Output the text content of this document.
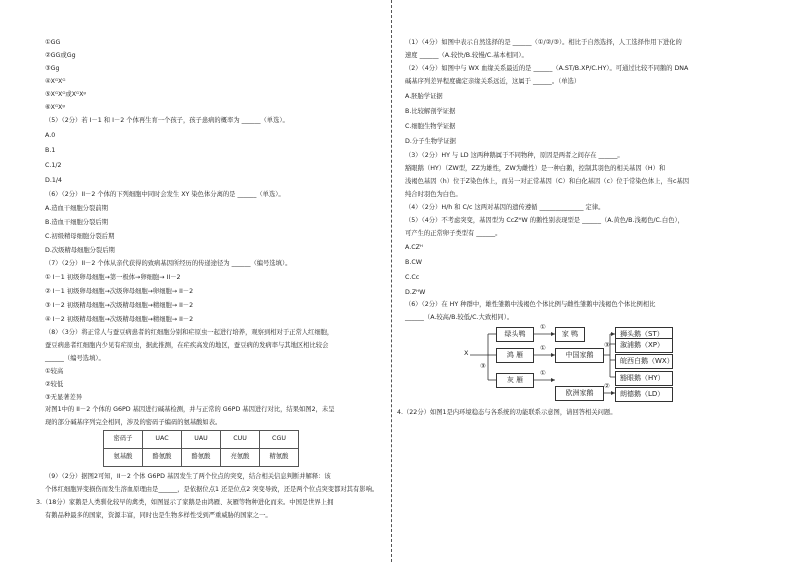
①GG
②GG或Gg
③Gg
④XᴳXᴳ
⑤XᴳXᴳ或XᴳXᵍ
⑥XᴳXᵍ
（5）（2分）若 I－1 和 I－2 个体再生育一个孩子，孩子患病的概率为 ______（单选）。
A.0
B.1
C.1/2
D.1/4
（6）（2分）II－2 个体的下列细胞中同时会发生 XY 染色体分离的是 ______（单选）。
A.造血干细胞分裂前期
B.造血干细胞分裂后期
C.初级精母细胞分裂后期
D.次级精母细胞分裂后期
（7）（2分）II－2 个体从亲代获得的致病基因所经历的传递途径为 ______（编号选填）。
① I－1 初级卵母细胞→第一极体→卵细胞→ II－2
② I－1 初级卵母细胞→次级卵母细胞→卵细胞→ II－2
③ I－2 初级精母细胞→次级精母细胞→精细胞→ II－2
④ I－2 初级精母细胞→次级精母细胞→精细胞→ II－2
（8）（3分）将正常人与蚕豆病患者的红细胞分别和疟原虫一起进行培养，观察到相对于正常人红细胞，
蚕豆病患者红细胞内少见有疟原虫，据此推测，在疟疾高发的地区，蚕豆病的发病率与其地区相比较会
______（编号选填）。
①较高
②较低
③无显著差异
对图1中的 II－2 个体的 G6PD 基因进行碱基检测，并与正常的 G6PD 基因进行对比，结果如图2，未呈
现的部分碱基序列完全相同，涉及的密码子编码的氨基酸如表。
密码子	UAC	UAU	CUU	CGU
氨基酸	酪氨酸	酪氨酸	亮氨酸	精氨酸
（9）（2分）据图2可知，II－2 个体 G6PD 基因发生了两个位点的突变，结合相关信息判断并解释：该
个体红细胞异变损伤而发生溶血原理由是______，是依据位点1 还是位点2 突变导致，还是两个位点突变都对其有影响。
3.（18分）家鹅是人类驯化较早的禽类，如图显示了家鹅是由鸿雁、灰雁等物种进化而来。中国是世界上拥
有鹅品种最多的国家，资源丰富，同时也是生物多样性受到严重威胁的国家之一。
（1）（4分）如图中表示自然选择的是 ______（①/②/③）。相比于自然选择，人工选择作用下进化的
速度 ______（A.较快/B.较慢/C.基本相同）。
（2）（4分）如图中与 WX 血缘关系最近的是 ______（A.ST/B.XP/C.HY）。可通过比较不同鹅的 DNA
碱基序列差异程度确定亲缘关系远近，这属于 ______。（单选）
A.胚胎学证据
B.比较解剖学证据
C.细胞生物学证据
D.分子生物学证据
（3）（2分）HY 与 LD 这两种鹅属于不同物种，原因是两者之间存在 ______。
豁眼鹅（HY）（ZW型，ZZ为雄性，ZW为雌性）是一种白鹅，控制其羽色的相关基因（H）和
浅褐色基因（h）位于Z染色体上，而另一对正常基因（C）和白化基因（c）位于常染色体上，当c基因
纯合时羽色为白色。
（4）（2分）H/h 和 C/c 这两对基因的遗传遵循 ______________ 定律。
（5）（4分）不考虑突变，基因型为 CcZᴴW 的鹅性别表现型是 ______（A.黄色/B.浅褐色/C.白色），
可产生的正常卵子类型有 ______。
A.CZᴴ
B.CW
C.Cc
D.ZᴴW
（6）（2分）在 HY 种群中，雄性雏鹅中浅褐色个体比例与雌性雏鹅中浅褐色个体比例相比
______（A.较高/B.较低/C.大致相同）。
X
③
绿头鸭
鸿 雁
灰 雁
①
①
①
家 鸭
中国家鹅
欧洲家鹅
③
②
狮头鹅（ST）
溆浦鹅（XP）
皖西白鹅（WX）
豁眼鹅（HY）
朗德鹅（LD）
4.（22分）如图1是内环境稳态与各系统的功能联系示意图，请回答相关问题。
